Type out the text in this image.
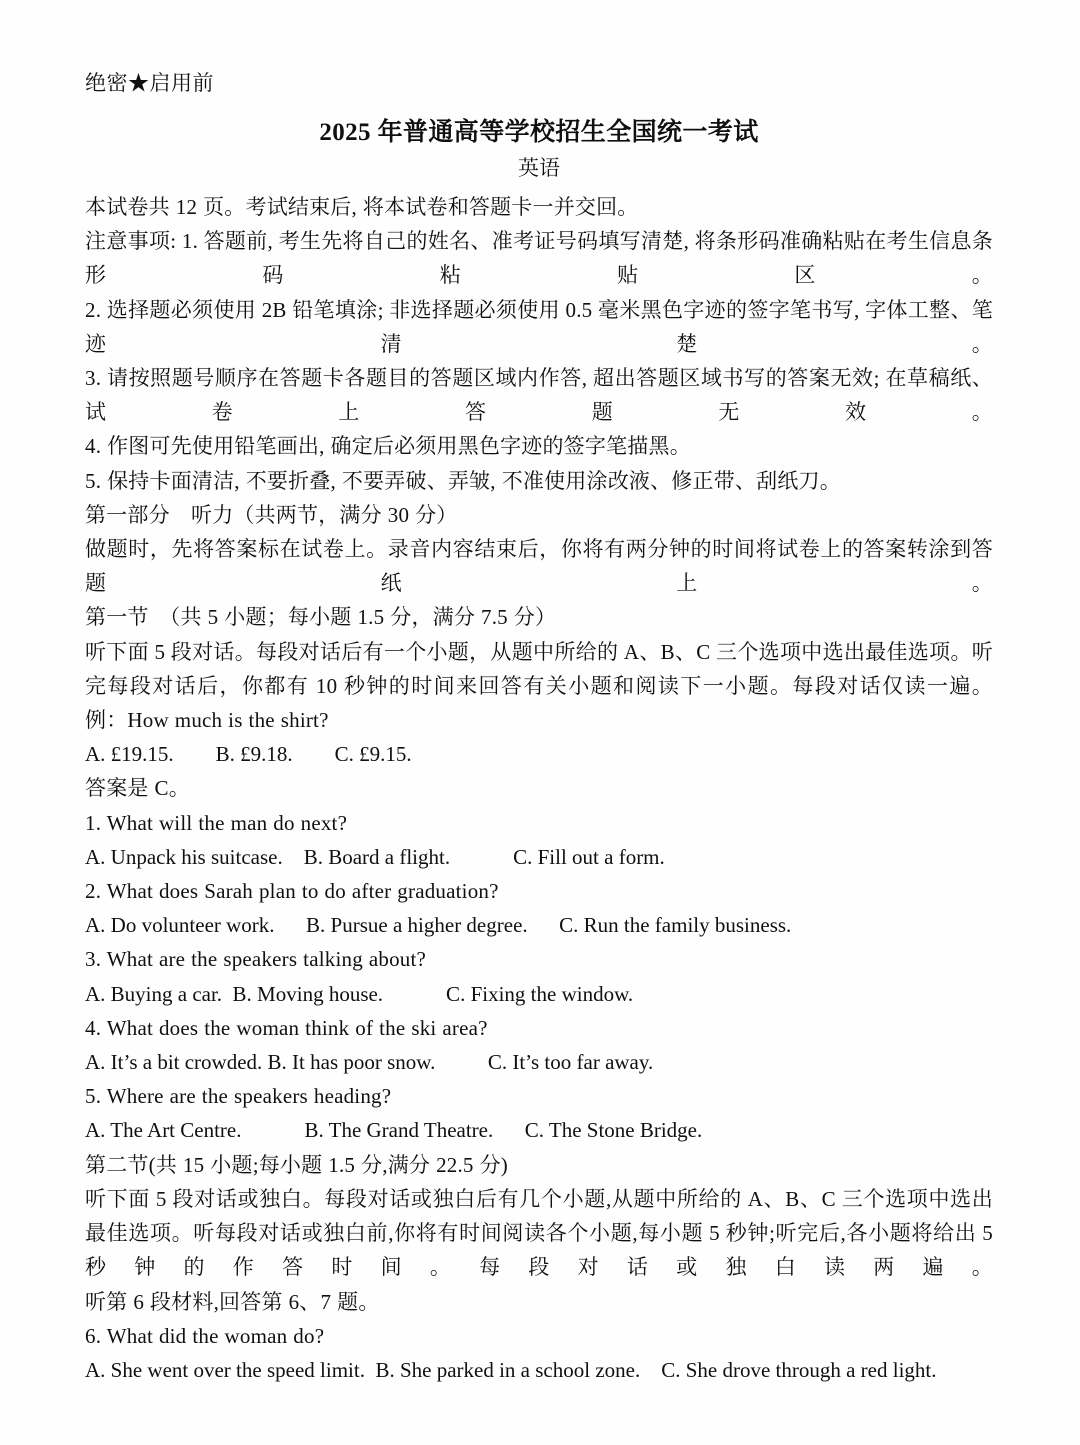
绝密★启用前
2025 年普通高等学校招生全国统一考试
英语
本试卷共 12 页。考试结束后, 将本试卷和答题卡一并交回。
注意事项: 1. 答题前, 考生先将自己的姓名、准考证号码填写清楚, 将条形码准确粘贴在考生信息条形码粘贴区。
2. 选择题必须使用 2B 铅笔填涂; 非选择题必须使用 0.5 毫米黑色字迹的签字笔书写, 字体工整、笔迹清楚。
3. 请按照题号顺序在答题卡各题目的答题区域内作答, 超出答题区域书写的答案无效; 在草稿纸、试卷上答题无效。
4. 作图可先使用铅笔画出, 确定后必须用黑色字迹的签字笔描黑。
5. 保持卡面清洁, 不要折叠, 不要弄破、弄皱, 不准使用涂改液、修正带、刮纸刀。
第一部分　听力（共两节，满分 30 分）
做题时，先将答案标在试卷上。录音内容结束后，你将有两分钟的时间将试卷上的答案转涂到答题纸上。
第一节　（共 5 小题；每小题 1.5 分，满分 7.5 分）
听下面 5 段对话。每段对话后有一个小题，从题中所给的 A、B、C 三个选项中选出最佳选项。听完每段对话后，你都有 10 秒钟的时间来回答有关小题和阅读下一小题。每段对话仅读一遍。
例：How much is the shirt?
A. £19.15.        B. £9.18.        C. £9.15.
答案是 C。
1. What will the man do next?
A. Unpack his suitcase.    B. Board a flight.            C. Fill out a form.
2. What does Sarah plan to do after graduation?
A. Do volunteer work.      B. Pursue a higher degree.      C. Run the family business.
3. What are the speakers talking about?
A. Buying a car.  B. Moving house.            C. Fixing the window.
4. What does the woman think of the ski area?
A. It’s a bit crowded. B. It has poor snow.          C. It’s too far away.
5. Where are the speakers heading?
A. The Art Centre.            B. The Grand Theatre.      C. The Stone Bridge.
第二节(共 15 小题;每小题 1.5 分,满分 22.5 分)
听下面 5 段对话或独白。每段对话或独白后有几个小题,从题中所给的 A、B、C 三个选项中选出最佳选项。听每段对话或独白前,你将有时间阅读各个小题,每小题 5 秒钟;听完后,各小题将给出 5 秒钟的作答时间。每段对话或独白读两遍。
听第 6 段材料,回答第 6、7 题。
6. What did the woman do?
A. She went over the speed limit.  B. She parked in a school zone.    C. She drove through a red light.
